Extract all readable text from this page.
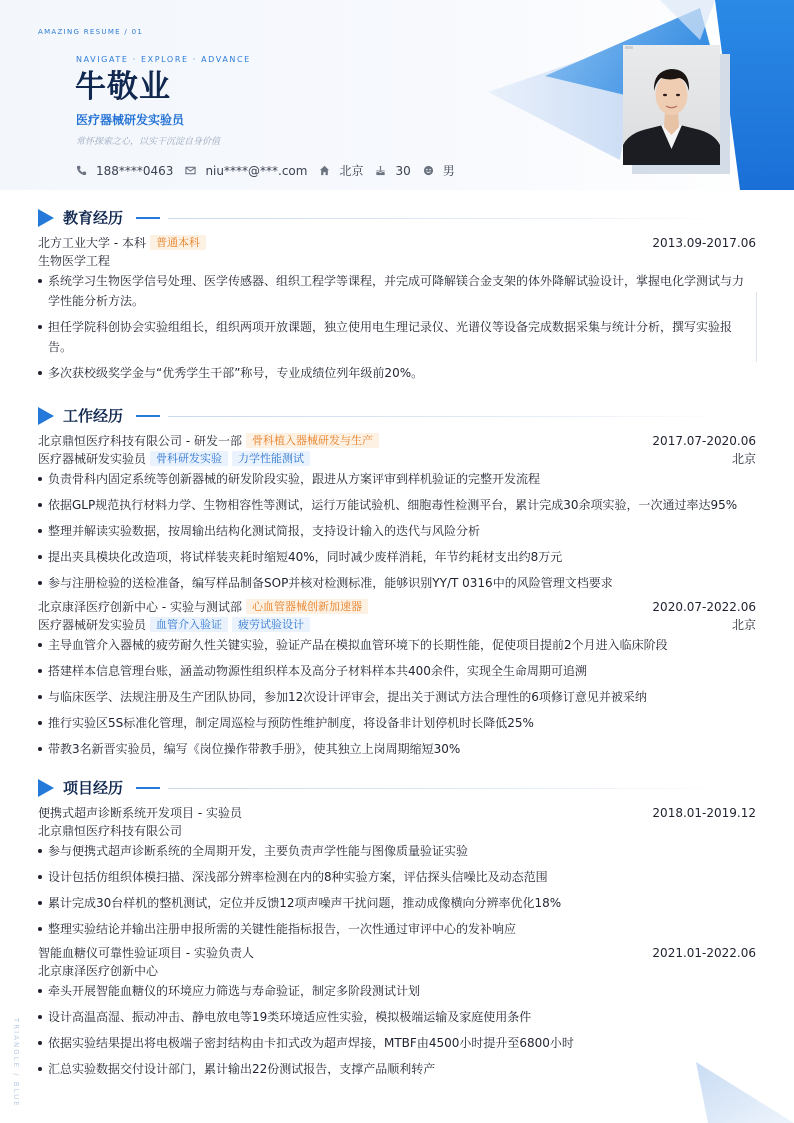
AMAZING RESUME / 01
NAVIGATE · EXPLORE · ADVANCE
牛敬业
医疗器械研发实验员
常怀探索之心，以实干沉淀自身价值
188****0463	niu****@***.com	北京	30	男
教育经历
北方工业大学 - 本科 普通本科	2013.09-2017.06
生物医学工程
系统学习生物医学信号处理、医学传感器、组织工程学等课程，并完成可降解镁合金支架的体外降解试验设计，掌握电化学测试与力学性能分析方法。
担任学院科创协会实验组组长，组织两项开放课题，独立使用电生理记录仪、光谱仪等设备完成数据采集与统计分析，撰写实验报告。
多次获校级奖学金与“优秀学生干部”称号，专业成绩位列年级前20%。
工作经历
北京鼎恒医疗科技有限公司 - 研发一部 骨科植入器械研发与生产	2017.07-2020.06
医疗器械研发实验员 骨科研发实验 力学性能测试	北京
负责骨科内固定系统等创新器械的研发阶段实验，跟进从方案评审到样机验证的完整开发流程
依据GLP规范执行材料力学、生物相容性等测试，运行万能试验机、细胞毒性检测平台，累计完成30余项实验，一次通过率达95%
整理并解读实验数据，按周输出结构化测试简报，支持设计输入的迭代与风险分析
提出夹具模块化改造项，将试样装夹耗时缩短40%，同时减少废样消耗，年节约耗材支出约8万元
参与注册检验的送检准备，编写样品制备SOP并核对检测标准，能够识别YY/T 0316中的风险管理文档要求
北京康泽医疗创新中心 - 实验与测试部 心血管器械创新加速器	2020.07-2022.06
医疗器械研发实验员 血管介入验证 疲劳试验设计	北京
主导血管介入器械的疲劳耐久性关键实验，验证产品在模拟血管环境下的长期性能，促使项目提前2个月进入临床阶段
搭建样本信息管理台账，涵盖动物源性组织样本及高分子材料样本共400余件，实现全生命周期可追溯
与临床医学、法规注册及生产团队协同，参加12次设计评审会，提出关于测试方法合理性的6项修订意见并被采纳
推行实验区5S标准化管理，制定周巡检与预防性维护制度，将设备非计划停机时长降低25%
带教3名新晋实验员，编写《岗位操作带教手册》，使其独立上岗周期缩短30%
项目经历
便携式超声诊断系统开发项目 - 实验员	2018.01-2019.12
北京鼎恒医疗科技有限公司
参与便携式超声诊断系统的全周期开发，主要负责声学性能与图像质量验证实验
设计包括仿组织体模扫描、深浅部分辨率检测在内的8种实验方案，评估探头信噪比及动态范围
累计完成30台样机的整机测试，定位并反馈12项声噪声干扰问题，推动成像横向分辨率优化18%
整理实验结论并输出注册申报所需的关键性能指标报告，一次性通过审评中心的发补响应
智能血糖仪可靠性验证项目 - 实验负责人	2021.01-2022.06
北京康泽医疗创新中心
牵头开展智能血糖仪的环境应力筛选与寿命验证，制定多阶段测试计划
设计高温高湿、振动冲击、静电放电等19类环境适应性实验，模拟极端运输及家庭使用条件
依据实验结果提出将电极端子密封结构由卡扣式改为超声焊接，MTBF由4500小时提升至6800小时
汇总实验数据交付设计部门，累计输出22份测试报告，支撑产品顺利转产
TRIANGLE / BLUE
